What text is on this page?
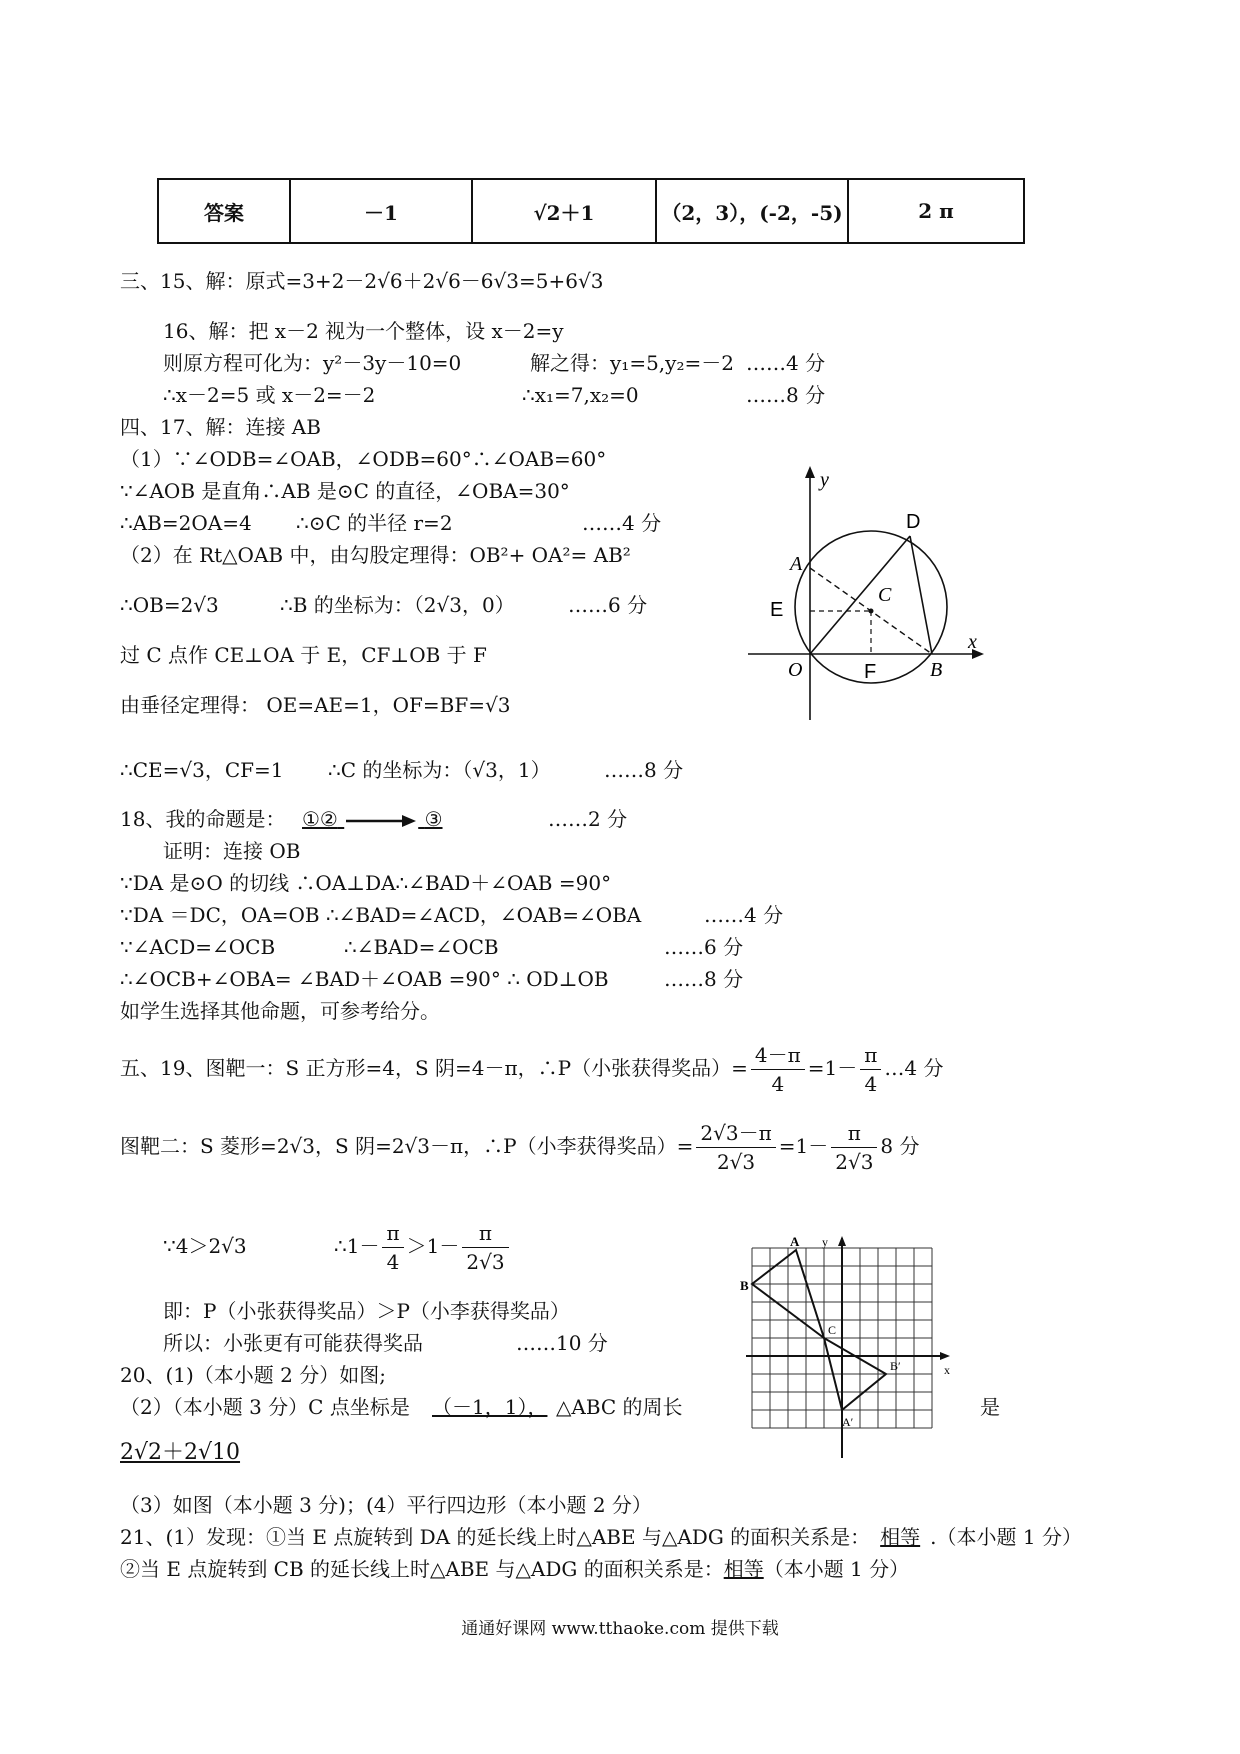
答案	－1	√2＋1	（2，3），(-2，-5)	2 π
三、15、解：原式=3+2－2√6＋2√6－6√3=5+6√3
16、解：把 x－2 视为一个整体，设 x－2=y
则原方程可化为：y²－3y－10=0	解之得：y₁=5,y₂=－2 ……4 分
∴x－2=5 或 x－2=－2	∴x₁=7,x₂=0	……8 分
四、17、解：连接 AB
（1）∵∠ODB=∠OAB，∠ODB=60°∴∠OAB=60°
∵∠AOB 是直角∴AB 是⊙C 的直径，∠OBA=30°
∴AB=2OA=4 ∴⊙C 的半径 r=2	……4 分
（2）在 Rt△OAB 中，由勾股定理得：OB²+ OA²= AB²
∴OB=2√3	∴B 的坐标为：（2√3，0）	……6 分
过 C 点作 CE⊥OA 于 E，CF⊥OB 于 F
由垂径定理得： OE=AE=1，OF=BF=√3
∴CE=√3，CF=1 ∴C 的坐标为：（√3，1）	……8 分
y
x
D
A
E
C
O	F	B
18、我的命题是： ①②	③	……2 分
证明：连接 OB
∵DA 是⊙O 的切线 ∴OA⊥DA∴∠BAD＋∠OAB =90°
∵DA ＝DC，OA=OB ∴∠BAD=∠ACD，∠OAB=∠OBA	……4 分
∵∠ACD=∠OCB	∴∠BAD=∠OCB	……6 分
∴∠OCB+∠OBA= ∠BAD＋∠OAB =90° ∴ OD⊥OB	……8 分
如学生选择其他命题，可参考给分。
五、19、图靶一：S 正方形=4，S 阴=4－π，∴P（小张获得奖品）= $\frac{4-\pi}{4} =1- \frac{\pi}{4}$ …4 分
图靶二：S 菱形=2√3，S 阴=2√3－π，∴P（小李获得奖品）= $\frac{2√3-\pi}{2√3} =1- \frac{\pi}{2√3} 8$ 分
∵4＞2√3	∴1－ $\frac{\pi}{4} >1- \frac{\pi}{2√3}$
即：P（小张获得奖品）＞P（小李获得奖品）
所以：小张更有可能获得奖品	……10 分
A y
B
C
B′	x
A′
20、(1)（本小题 2 分）如图;
（2）（本小题 3 分）C 点坐标是 （－1，1）， △ABC 的周长	是
2√2＋2√10
（3）如图（本小题 3 分)；(4）平行四边形（本小题 2 分）
21、(1）发现：①当 E 点旋转到 DA 的延长线上时△ABE 与△ADG 的面积关系是： 相等 .（本小题 1 分）
②当 E 点旋转到 CB 的延长线上时△ABE 与△ADG 的面积关系是：相等（本小题 1 分）
通通好课网 www.tthaoke.com 提供下载
